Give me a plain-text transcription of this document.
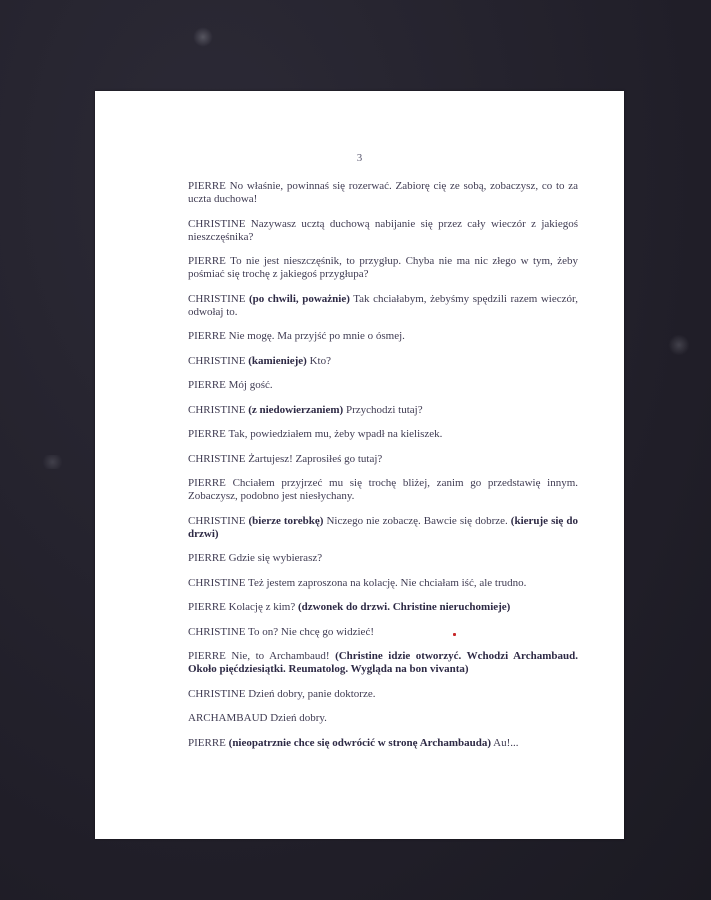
3

PIERRE No właśnie, powinnaś się rozerwać. Zabiorę cię ze sobą, zobaczysz, co to za uczta duchowa!

CHRISTINE Nazywasz ucztą duchową nabijanie się przez cały wieczór z jakiegoś nieszczęśnika?

PIERRE To nie jest nieszczęśnik, to przygłup. Chyba nie ma nic złego w tym, żeby pośmiać się trochę z jakiegoś przygłupa?

CHRISTINE (po chwili, poważnie) Tak chciałabym, żebyśmy spędzili razem wieczór, odwołaj to.

PIERRE Nie mogę. Ma przyjść po mnie o ósmej.

CHRISTINE (kamienieje) Kto?

PIERRE Mój gość.

CHRISTINE (z niedowierzaniem) Przychodzi tutaj?

PIERRE Tak, powiedziałem mu, żeby wpadł na kieliszek.

CHRISTINE Żartujesz! Zaprosiłeś go tutaj?

PIERRE Chciałem przyjrzeć mu się trochę bliżej, zanim go przedstawię innym. Zobaczysz, podobno jest niesłychany.

CHRISTINE (bierze torebkę) Niczego nie zobaczę. Bawcie się dobrze. (kieruje się do drzwi)

PIERRE Gdzie się wybierasz?

CHRISTINE Też jestem zaproszona na kolację. Nie chciałam iść, ale trudno.

PIERRE Kolację z kim? (dzwonek do drzwi. Christine nieruchomieje)

CHRISTINE To on? Nie chcę go widzieć!

PIERRE Nie, to Archambaud! (Christine idzie otworzyć. Wchodzi Archambaud. Około pięćdziesiątki. Reumatolog. Wygląda na bon vivanta)

CHRISTINE Dzień dobry, panie doktorze.

ARCHAMBAUD Dzień dobry.

PIERRE (nieopatrznie chce się odwrócić w stronę Archambauda) Au!...
